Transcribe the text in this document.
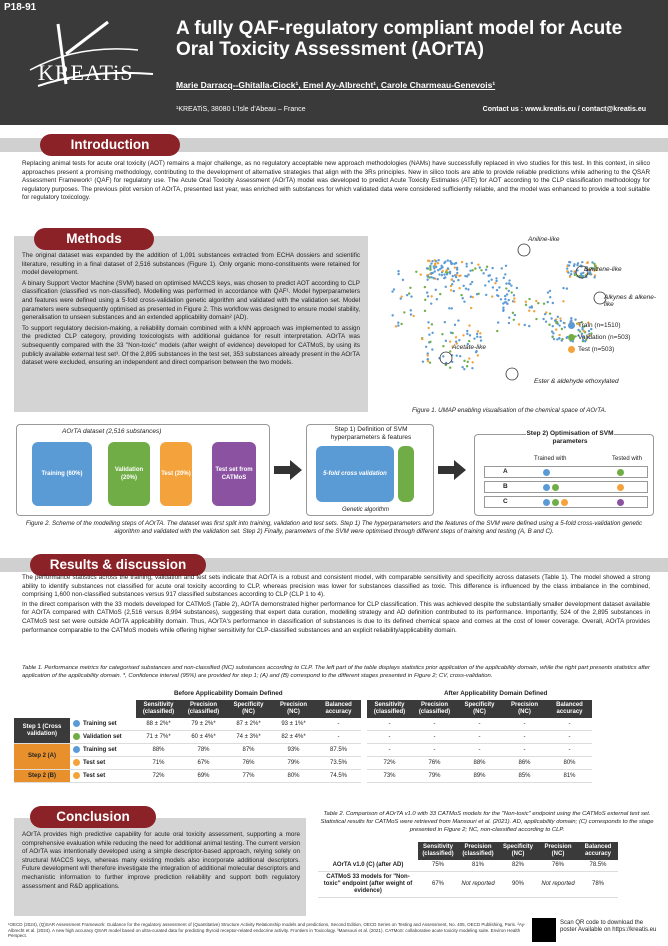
P18-91
KREATiS
A fully QAF-regulatory compliant model for Acute Oral Toxicity Assessment (AOrTA)
Marie Darracq--Ghitalla-Ciock¹, Emel Ay-Albrecht¹, Carole Charmeau-Genevois¹
¹KREATiS, 38080 L'Isle d'Abeau – France	Contact us : www.kreatis.eu / contact@kreatis.eu
Introduction
Replacing animal tests for acute oral toxicity (AOT) remains a major challenge, as no regulatory acceptable new approach methodologies (NAMs) have successfully replaced in vivo studies for this test. In this context, in silico approaches present a promising methodology, contributing to the development of alternative strategies that align with the 3Rs principles. New in silico tools are able to provide reliable predictions while adhering to the QSAR Assessment Framework¹ (QAF) for regulatory use. The Acute Oral Toxicity Assessment (AOrTA) model was developed to predict Acute Toxicity Estimates (ATE) for AOT according to the CLP classification methodology for regulatory purposes. The previous pilot version of AOrTA, presented last year, was enriched with substances for which validated data were considered sufficiently reliable, and the model was enhanced to provide a tool suitable for regulatory toxicology.
Methods
The original dataset was expanded by the addition of 1,091 substances extracted from ECHA dossiers and scientific literature, resulting in a final dataset of 2,516 substances (Figure 1). Only organic mono-constituents were retained for model development.
A binary Support Vector Machine (SVM) based on optimised MACCS keys, was chosen to predict AOT according to CLP classification (classified vs non-classified). Modelling was performed in accordance with QAF¹. Model hyperparameters and features were defined using a 5-fold cross-validation genetic algorithm and validated with the validation set. Model parameters were subsequently optimised as presented in Figure 2. This workflow was designed to ensure model stability, generalisation to unseen substances and an extended applicability domain² (AD).
To support regulatory decision-making, a reliability domain combined with a kNN approach was implemented to assign the predicted CLP category, providing toxicologists with additional guidance for result interpretation. AOrTA was subsequently compared with the 33 "Non-toxic" models (after weight of evidence) developed for CATMoS, by using its publicly available external test set³. Of the 2,895 substances in the test set, 353 substances already present in the AOrTA dataset were excluded, ensuring an independent and direct comparison between the two models.
Aniline-like
Benzene-like
Alkynes & alkene-like
Acetate-like
Ester & aldehyde ethoxylated
Train (n=1510)
Validation (n=503)
Test (n=503)
Figure 1. UMAP enabling visualisation of the chemical space of AOrTA.
AOrTA dataset (2,516 substances)
Training (60%)
Validation (20%)
Test (20%)
Test set from CATMoS
Step 1) Definition of SVM hyperparameters & features
5-fold cross validation
Genetic algorithm
Step 2) Optimisation of SVM parameters
Trained with	Tested with
A
B
C
Figure 2. Scheme of the modelling steps of AOrTA. The dataset was first split into training, validation and test sets. Step 1) The hyperparameters and the features of the SVM were defined using a 5-fold cross-validation genetic algorithm and validated with the validation set. Step 2) Finally, parameters of the SVM were optimised through different steps of training and testing (A, B and C).
Results & discussion
The performance statistics across the training, validation and test sets indicate that AOrTA is a robust and consistent model, with comparable sensitivity and specificity across datasets (Table 1). The model showed a strong ability to identify substances not classified for acute oral toxicity according to CLP, whereas precision was lower for substances classified as toxic. This difference is influenced by the class imbalance in the combined, comprising 1,600 non-classified substances versus 917 classified substances according to CLP (CLP 1 to 4).
In the direct comparison with the 33 models developed for CATMoS (Table 2), AOrTA demonstrated higher performance for CLP classification. This was achieved despite the substantially smaller development dataset available for AOrTA compared with CATMoS (2,516 versus 8,994 substances), suggesting that expert data curation, modelling strategy and AD definition contributed to its performance. Importantly, 524 of the 2,895 substances in CATMoS test set were outside AOrTA applicability domain. Thus, AOrTA's performance in classification of substances is due to its defined chemical space and comes at the cost of lower coverage. Overall, AOrTA provides performance comparable to the CATMoS models while offering higher sensitivity for CLP-classified substances and an explicit reliability/applicability domain.
Table 1. Performance metrics for categorised substances and non-classified (NC) substances according to CLP. The left part of the table displays statistics prior application of the applicability domain, while the right part presents statistics after application of the applicability domain. *, Confidence interval (95%) are provided for step 1; (A) and (B) correspond to the different stages presented in Figure 2; CV, cross-validation.
Before Applicability Domain Defined	After Applicability Domain Defined
		Sensitivity (classified)	Precision (classified)	Specificity (NC)	Precision (NC)	Balanced accuracy		Sensitivity (classified)	Precision (classified)	Specificity (NC)	Precision (NC)	Balanced accuracy
Step 1 (Cross validation)	Training set	88 ± 2%*	79 ± 2%*	87 ± 2%*	93 ± 1%*	-		-	-	-	-	-
	Validation set	71 ± 7%*	60 ± 4%*	74 ± 3%*	82 ± 4%*	-		-	-	-	-	-
Step 2 (A)	Training set	88%	78%	87%	93%	87.5%		-	-	-	-	-
	Test set	71%	67%	76%	79%	73.5%		72%	76%	88%	86%	80%
Step 2 (B)	Test set	72%	69%	77%	80%	74.5%		73%	79%	89%	85%	81%
Conclusion
AOrTA provides high predictive capability for acute oral toxicity assessment, supporting a more comprehensive evaluation while reducing the need for additional animal testing. The current version of AOrTA was intentionally developed using a simple descriptor-based approach, relying solely on structural MACCS keys, whereas many existing models also incorporate additional descriptors. Future development will therefore investigate the integration of additional molecular descriptors and mechanistic information to further improve prediction reliability and support both regulatory assessment and R&D applications.
Table 2. Comparison of AOrTA v1.0 with 33 CATMoS models for the "Non-toxic" endpoint using the CATMoS external test set. Statistical results for CATMoS were retrieved from Mansouri et al. (2021). AD, applicability domain; (C) corresponds to the stage presented in Figure 2; NC, non-classified according to CLP.
	Sensitivity (classified)	Precision (classified)	Specificity (NC)	Precision (NC)	Balanced accuracy
AOrTA v1.0 (C) (after AD)	75%	81%	82%	76%	78.5%
CATMoS 33 models for "Non-toxic" endpoint (after weight of evidence)	67%	Not reported	90%	Not reported	78%
¹OECD (2024), (Q)SAR Assessment Framework: Guidance for the regulatory assessment of (Quantitative) Structure Activity Relationship models and predictions, Second Edition, OECD Series on Testing and Assessment, No. 405, OECD Publishing, Paris. ²Ay-Albrecht et al. (2024). A new high accuracy QSAR model based on ultra-curated data for predicting thyroid receptor-related endocrine activity. Frontiers in Toxicology. ³Mansouri et al. (2021). CATMoS: collaborative acute toxicity modeling suite. Environ Health Perspect.
Scan QR code to download the poster Available on https://kreatis.eu
